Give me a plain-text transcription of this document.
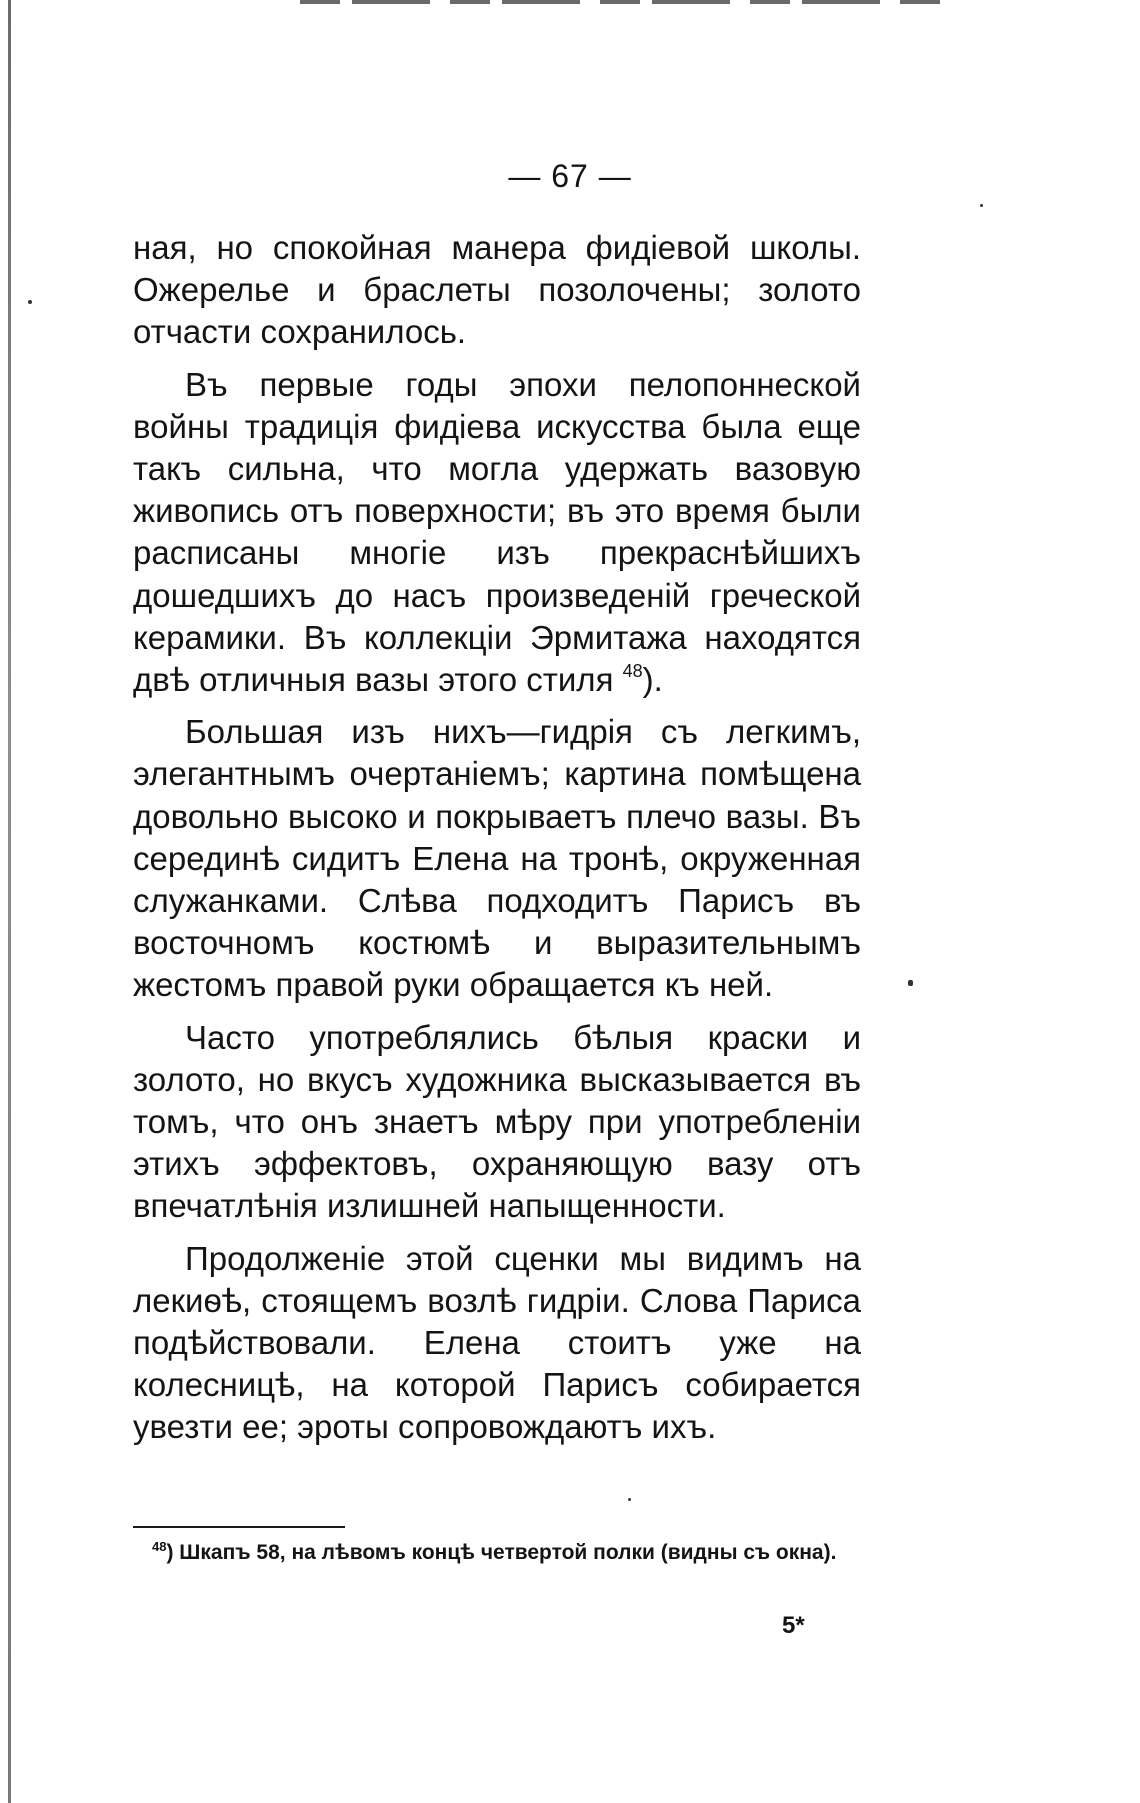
— 67 —

ная, но спокойная манера фидіевой школы. Ожерелье и браслеты позолочены; золото отчасти сохранилось.

Въ первые годы эпохи пелопоннеской войны традиція фидіева искусства была еще такъ сильна, что могла удержать вазовую живопись отъ поверхности; въ это время были расписаны многіе изъ прекраснѣйшихъ дошедшихъ до насъ произведеній греческой керамики. Въ коллекціи Эрмитажа находятся двѣ отличныя вазы этого стиля $^{48}$).

Большая изъ нихъ—гидрія съ легкимъ, элегантнымъ очертаніемъ; картина помѣщена довольно высоко и покрываетъ плечо вазы. Въ серединѣ сидитъ Елена на тронѣ, окруженная служанками. Слѣва подходитъ Парисъ въ восточномъ костюмѣ и выразительнымъ жестомъ правой руки обращается къ ней.

Часто употреблялись бѣлыя краски и золото, но вкусъ художника высказывается въ томъ, что онъ знаетъ мѣру при употребленіи этихъ эффектовъ, охраняющую вазу отъ впечатлѣнія излишней напыщенности.

Продолженіе этой сценки мы видимъ на лекиѳѣ, стоящемъ возлѣ гидріи. Слова Париса подѣйствовали. Елена стоитъ уже на колесницѣ, на которой Парисъ собирается увезти ее; эроты сопровождаютъ ихъ.

$^{48}$) Шкапъ 58, на лѣвомъ концѣ четвертой полки (видны съ окна).
5*
